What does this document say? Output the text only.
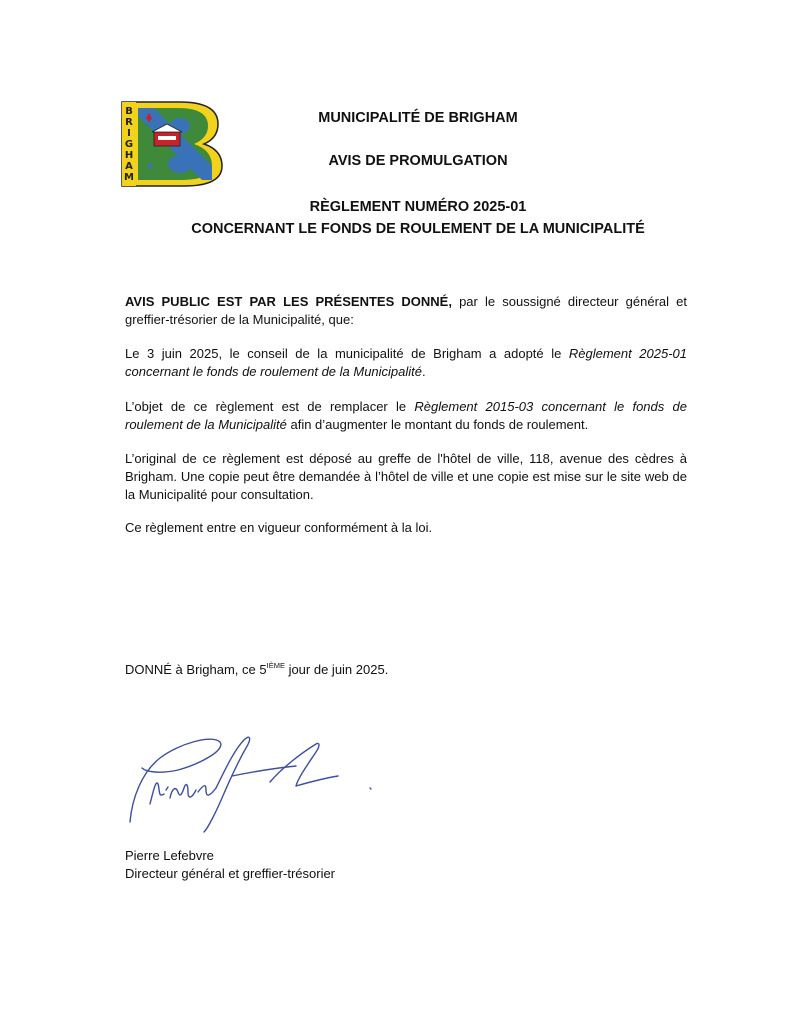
B
R
I
G
H
A
M
MUNICIPALITÉ DE BRIGHAM
AVIS DE PROMULGATION
RÈGLEMENT NUMÉRO 2025-01
CONCERNANT LE FONDS DE ROULEMENT DE LA MUNICIPALITÉ
AVIS PUBLIC EST PAR LES PRÉSENTES DONNÉ, par le soussigné directeur général et greffier-trésorier de la Municipalité, que:
Le 3 juin 2025, le conseil de la municipalité de Brigham a adopté le Règlement 2025-01 concernant le fonds de roulement de la Municipalité.
L’objet de ce règlement est de remplacer le Règlement 2015-03 concernant le fonds de roulement de la Municipalité afin d’augmenter le montant du fonds de roulement.
L’original de ce règlement est déposé au greffe de l'hôtel de ville, 118, avenue des cèdres à Brigham. Une copie peut être demandée à l’hôtel de ville et une copie est mise sur le site web de la Municipalité pour consultation.
Ce règlement entre en vigueur conformément à la loi.
DONNÉ à Brigham, ce 5IÈME jour de juin 2025.
Pierre Lefebvre
Directeur général et greffier-trésorier
